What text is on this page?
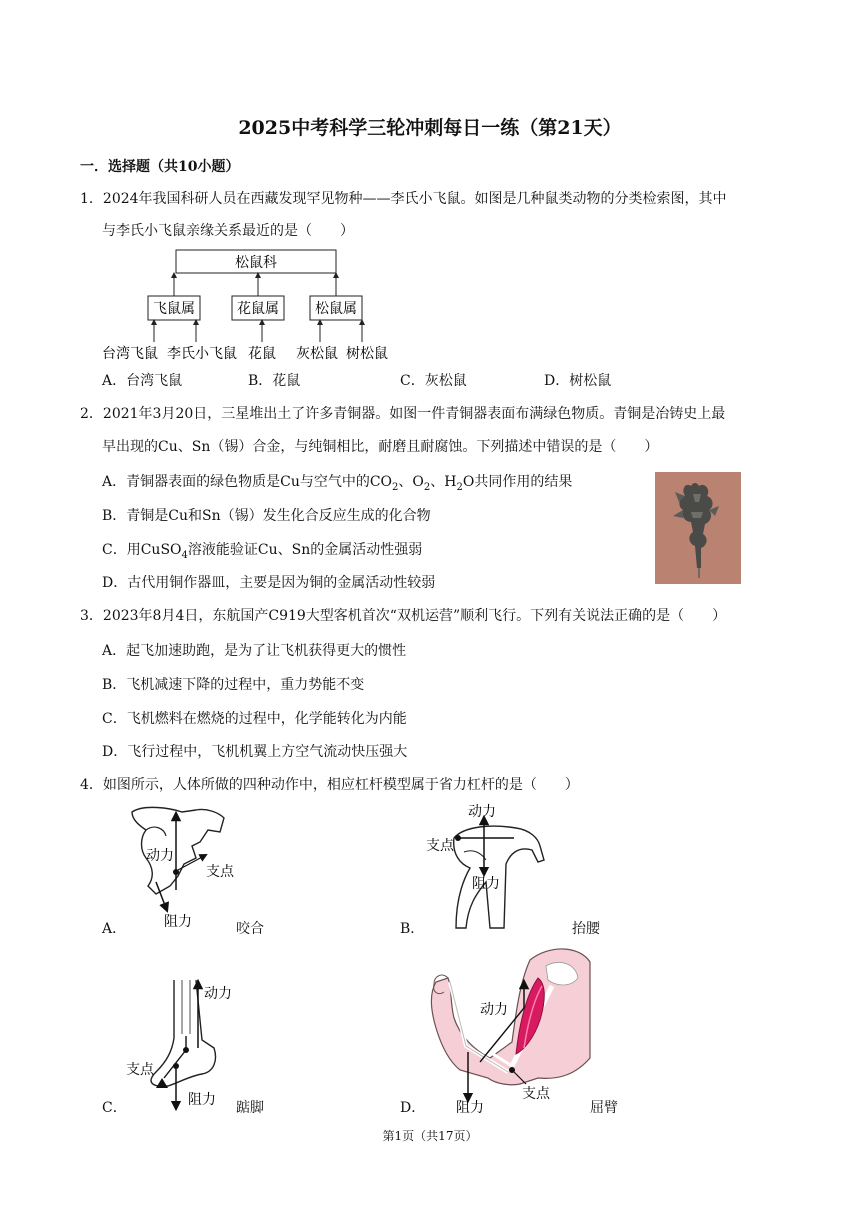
2025中考科学三轮冲刺每日一练（第21天）
一．选择题（共10小题）
1．2024年我国科研人员在西藏发现罕见物种——李氏小飞鼠。如图是几种鼠类动物的分类检索图，其中
与李氏小飞鼠亲缘关系最近的是（　　）
松鼠科
飞鼠属	花鼠属	松鼠属
台湾飞鼠 李氏小飞鼠 花鼠 灰松鼠 树松鼠
A．台湾飞鼠	B．花鼠	C．灰松鼠	D．树松鼠
2．2021年3月20日，三星堆出土了许多青铜器。如图一件青铜器表面布满绿色物质。青铜是冶铸史上最
早出现的Cu、Sn（锡）合金，与纯铜相比，耐磨且耐腐蚀。下列描述中错误的是（　　）
A．青铜器表面的绿色物质是Cu与空气中的$CO_2$、$O_2$、$H_2O$共同作用的结果
B．青铜是Cu和Sn（锡）发生化合反应生成的化合物
C．用CuSO$_4$溶液能验证Cu、Sn的金属活动性强弱
D．古代用铜作器皿，主要是因为铜的金属活动性较弱
3．2023年8月4日，东航国产C919大型客机首次“双机运营”顺利飞行。下列有关说法正确的是（　　）
A．起飞加速助跑，是为了让飞机获得更大的惯性
B．飞机减速下降的过程中，重力势能不变
C．飞机燃料在燃烧的过程中，化学能转化为内能
D．飞行过程中，飞机机翼上方空气流动快压强大
4．如图所示，人体所做的四种动作中，相应杠杆模型属于省力杠杆的是（　　）
动力
支点
阻力
A．	咬合
动力
支点
阻力
B．	抬腰
动力
支点
阻力
C．	踮脚
动力
支点
阻力
D．	屈臂
第1页（共17页）
